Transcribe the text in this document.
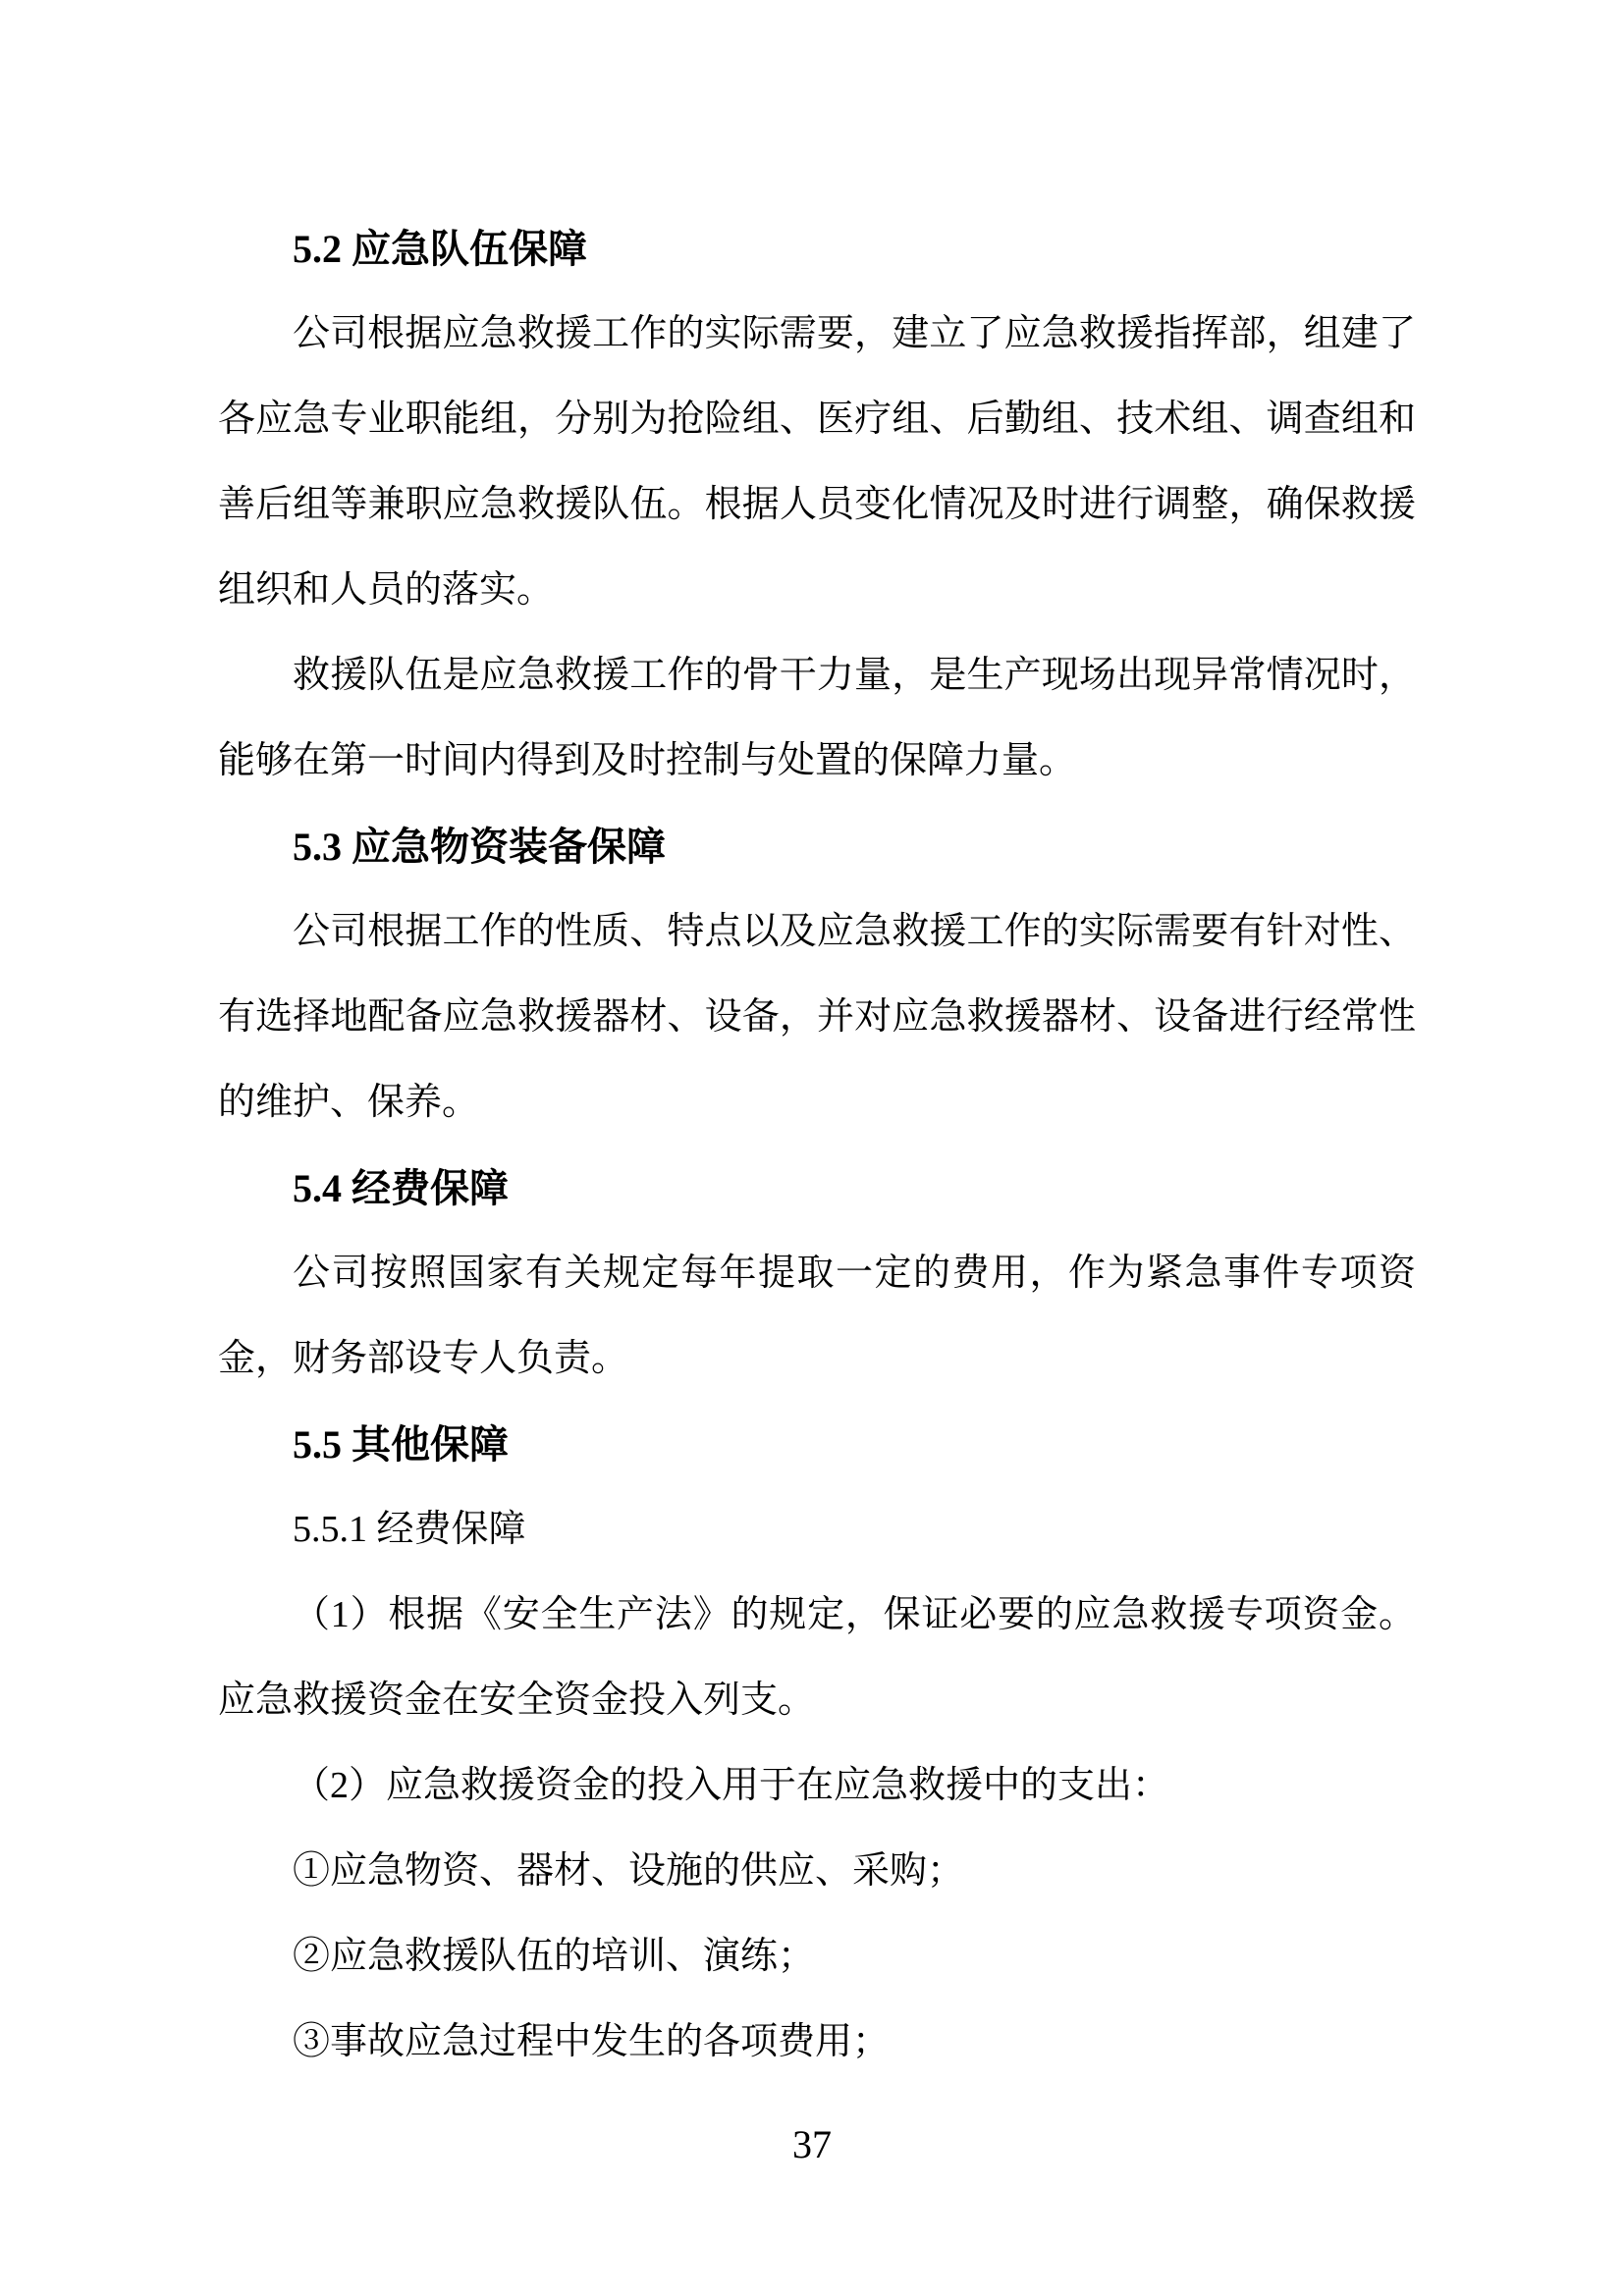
5.2 应急队伍保障
公司根据应急救援工作的实际需要，建立了应急救援指挥部，组建了
各应急专业职能组，分别为抢险组、医疗组、后勤组、技术组、调查组和
善后组等兼职应急救援队伍。根据人员变化情况及时进行调整，确保救援
组织和人员的落实。
救援队伍是应急救援工作的骨干力量，是生产现场出现异常情况时，
能够在第一时间内得到及时控制与处置的保障力量。
5.3 应急物资装备保障
公司根据工作的性质、特点以及应急救援工作的实际需要有针对性、
有选择地配备应急救援器材、设备，并对应急救援器材、设备进行经常性
的维护、保养。
5.4 经费保障
公司按照国家有关规定每年提取一定的费用，作为紧急事件专项资
金，财务部设专人负责。
5.5 其他保障
5.5.1 经费保障
（1）根据《安全生产法》的规定，保证必要的应急救援专项资金。
应急救援资金在安全资金投入列支。
（2）应急救援资金的投入用于在应急救援中的支出：
①应急物资、器材、设施的供应、采购；
②应急救援队伍的培训、演练；
③事故应急过程中发生的各项费用；
37
